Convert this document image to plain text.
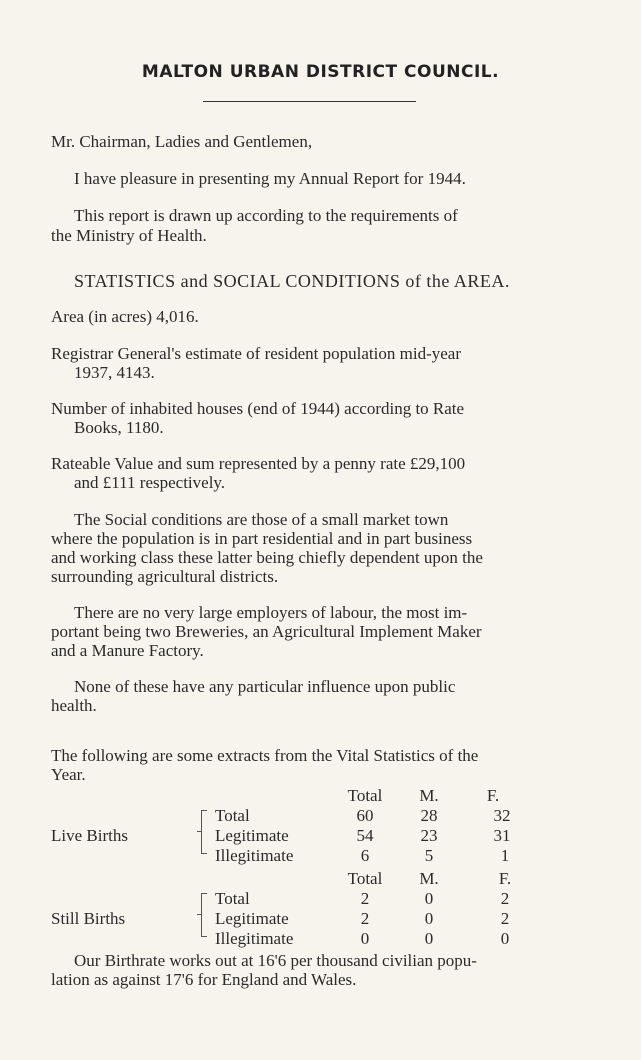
MALTON URBAN DISTRICT COUNCIL.
Mr. Chairman, Ladies and Gentlemen,
I have pleasure in presenting my Annual Report for 1944.
This report is drawn up according to the requirements of
the Ministry of Health.
STATISTICS and SOCIAL CONDITIONS of the AREA.
Area (in acres) 4,016.
Registrar General's estimate of resident population mid-year
1937, 4143.
Number of inhabited houses (end of 1944) according to Rate
Books, 1180.
Rateable Value and sum represented by a penny rate £29,100
and £111 respectively.
The Social conditions are those of a small market town
where the population is in part residential and in part business
and working class these latter being chiefly dependent upon the
surrounding agricultural districts.
There are no very large employers of labour, the most im-
portant being two Breweries, an Agricultural Implement Maker
and a Manure Factory.
None of these have any particular influence upon public
health.
The following are some extracts from the Vital Statistics of the
Year.
Total	M.	F.
Live Births
Total	60	28	32
Legitimate	54	23	31
Illegitimate	6	5	1
Total	M.	F.
Still Births
Total	2	0	2
Legitimate	2	0	2
Illegitimate	0	0	0
Our Birthrate works out at 16'6 per thousand civilian popu-
lation as against 17'6 for England and Wales.
